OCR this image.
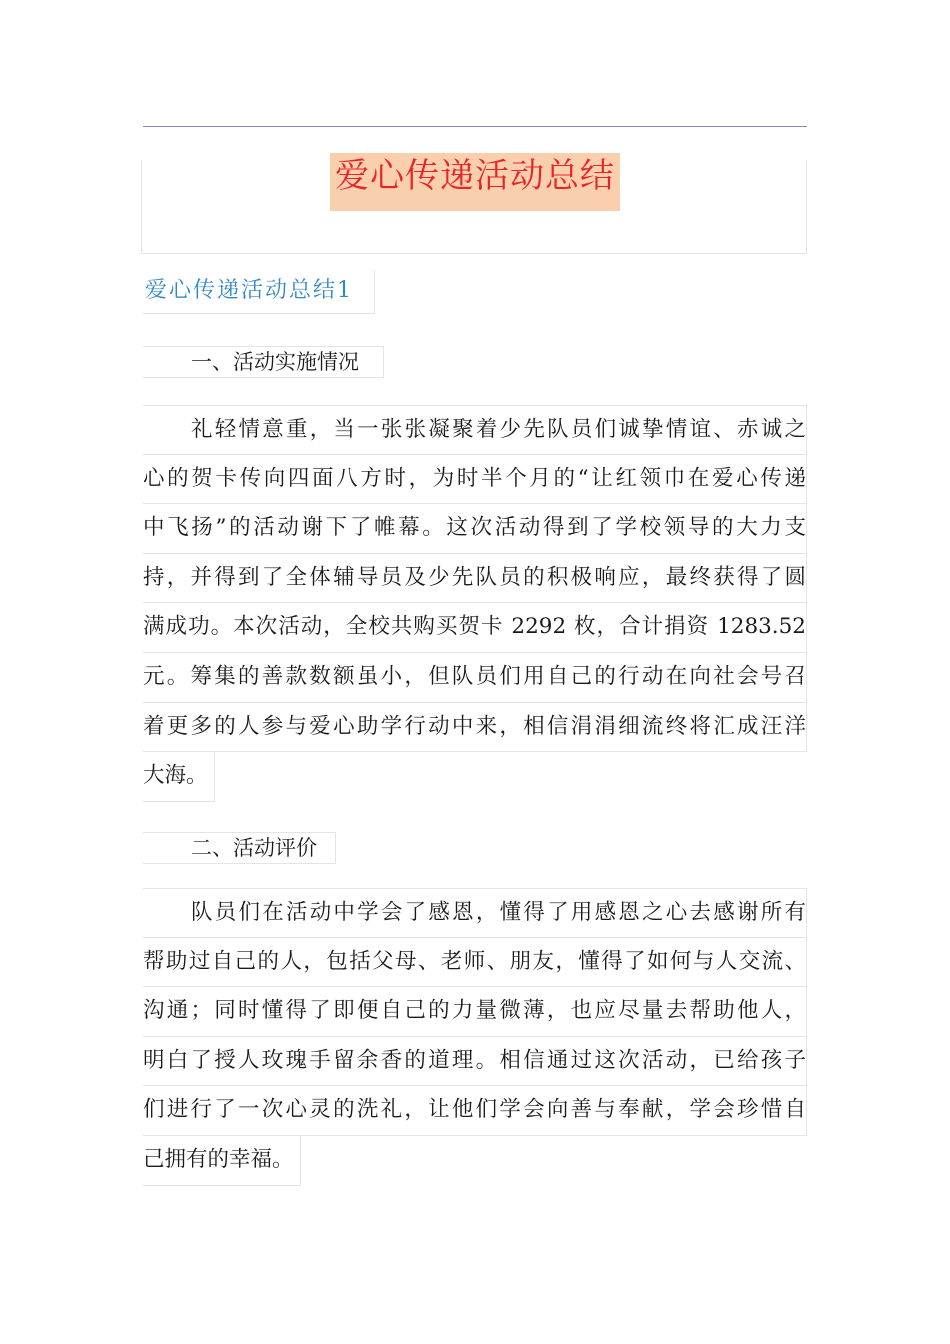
爱心传递活动总结
爱心传递活动总结1
一、活动实施情况
礼轻情意重，当一张张凝聚着少先队员们诚挚情谊、赤诚之
心的贺卡传向四面八方时，为时半个月的“让红领巾在爱心传递
中飞扬”的活动谢下了帷幕。这次活动得到了学校领导的大力支
持，并得到了全体辅导员及少先队员的积极响应，最终获得了圆
满成功。本次活动，全校共购买贺卡 2292 枚，合计捐资 1283.52
元。筹集的善款数额虽小，但队员们用自己的行动在向社会号召
着更多的人参与爱心助学行动中来，相信涓涓细流终将汇成汪洋
大海。
二、活动评价
队员们在活动中学会了感恩，懂得了用感恩之心去感谢所有
帮助过自己的人，包括父母、老师、朋友，懂得了如何与人交流、
沟通；同时懂得了即便自己的力量微薄，也应尽量去帮助他人，
明白了授人玫瑰手留余香的道理。相信通过这次活动，已给孩子
们进行了一次心灵的洗礼，让他们学会向善与奉献，学会珍惜自
己拥有的幸福。
